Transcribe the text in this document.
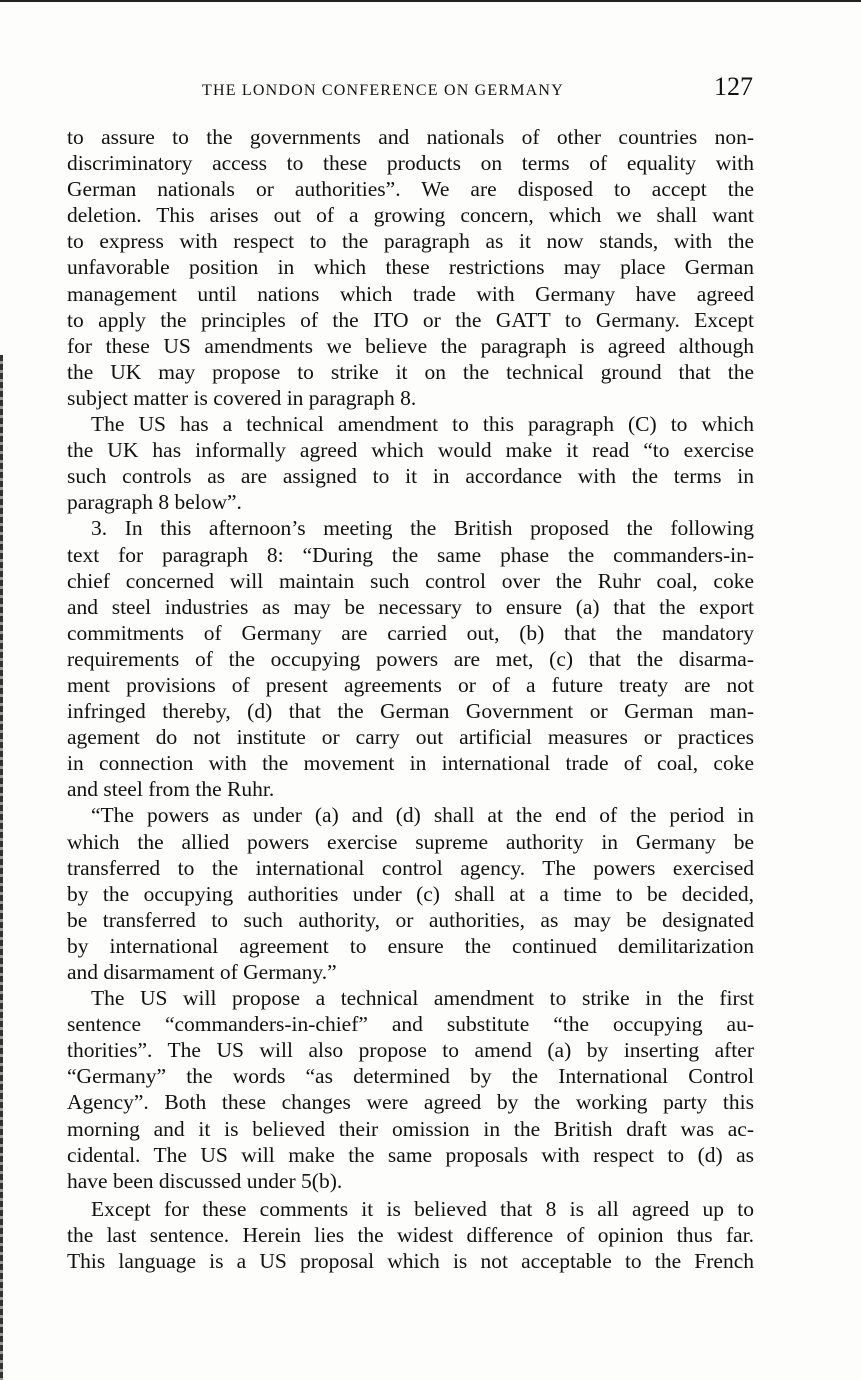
THE LONDON CONFERENCE ON GERMANY	127
to assure to the governments and nationals of other countries non-
discriminatory access to these products on terms of equality with
German nationals or authorities”. We are disposed to accept the
deletion. This arises out of a growing concern, which we shall want
to express with respect to the paragraph as it now stands, with the
unfavorable position in which these restrictions may place German
management until nations which trade with Germany have agreed
to apply the principles of the ITO or the GATT to Germany. Except
for these US amendments we believe the paragraph is agreed although
the UK may propose to strike it on the technical ground that the
subject matter is covered in paragraph 8.
The US has a technical amendment to this paragraph (C) to which
the UK has informally agreed which would make it read “to exercise
such controls as are assigned to it in accordance with the terms in
paragraph 8 below”.
3. In this afternoon’s meeting the British proposed the following
text for paragraph 8: “During the same phase the commanders-in-
chief concerned will maintain such control over the Ruhr coal, coke
and steel industries as may be necessary to ensure (a) that the export
commitments of Germany are carried out, (b) that the mandatory
requirements of the occupying powers are met, (c) that the disarma-
ment provisions of present agreements or of a future treaty are not
infringed thereby, (d) that the German Government or German man-
agement do not institute or carry out artificial measures or practices
in connection with the movement in international trade of coal, coke
and steel from the Ruhr.
“The powers as under (a) and (d) shall at the end of the period in
which the allied powers exercise supreme authority in Germany be
transferred to the international control agency. The powers exercised
by the occupying authorities under (c) shall at a time to be decided,
be transferred to such authority, or authorities, as may be designated
by international agreement to ensure the continued demilitarization
and disarmament of Germany.”
The US will propose a technical amendment to strike in the first
sentence “commanders-in-chief” and substitute “the occupying au-
thorities”. The US will also propose to amend (a) by inserting after
“Germany” the words “as determined by the International Control
Agency”. Both these changes were agreed by the working party this
morning and it is believed their omission in the British draft was ac-
cidental. The US will make the same proposals with respect to (d) as
have been discussed under 5(b).
Except for these comments it is believed that 8 is all agreed up to
the last sentence. Herein lies the widest difference of opinion thus far.
This language is a US proposal which is not acceptable to the French
